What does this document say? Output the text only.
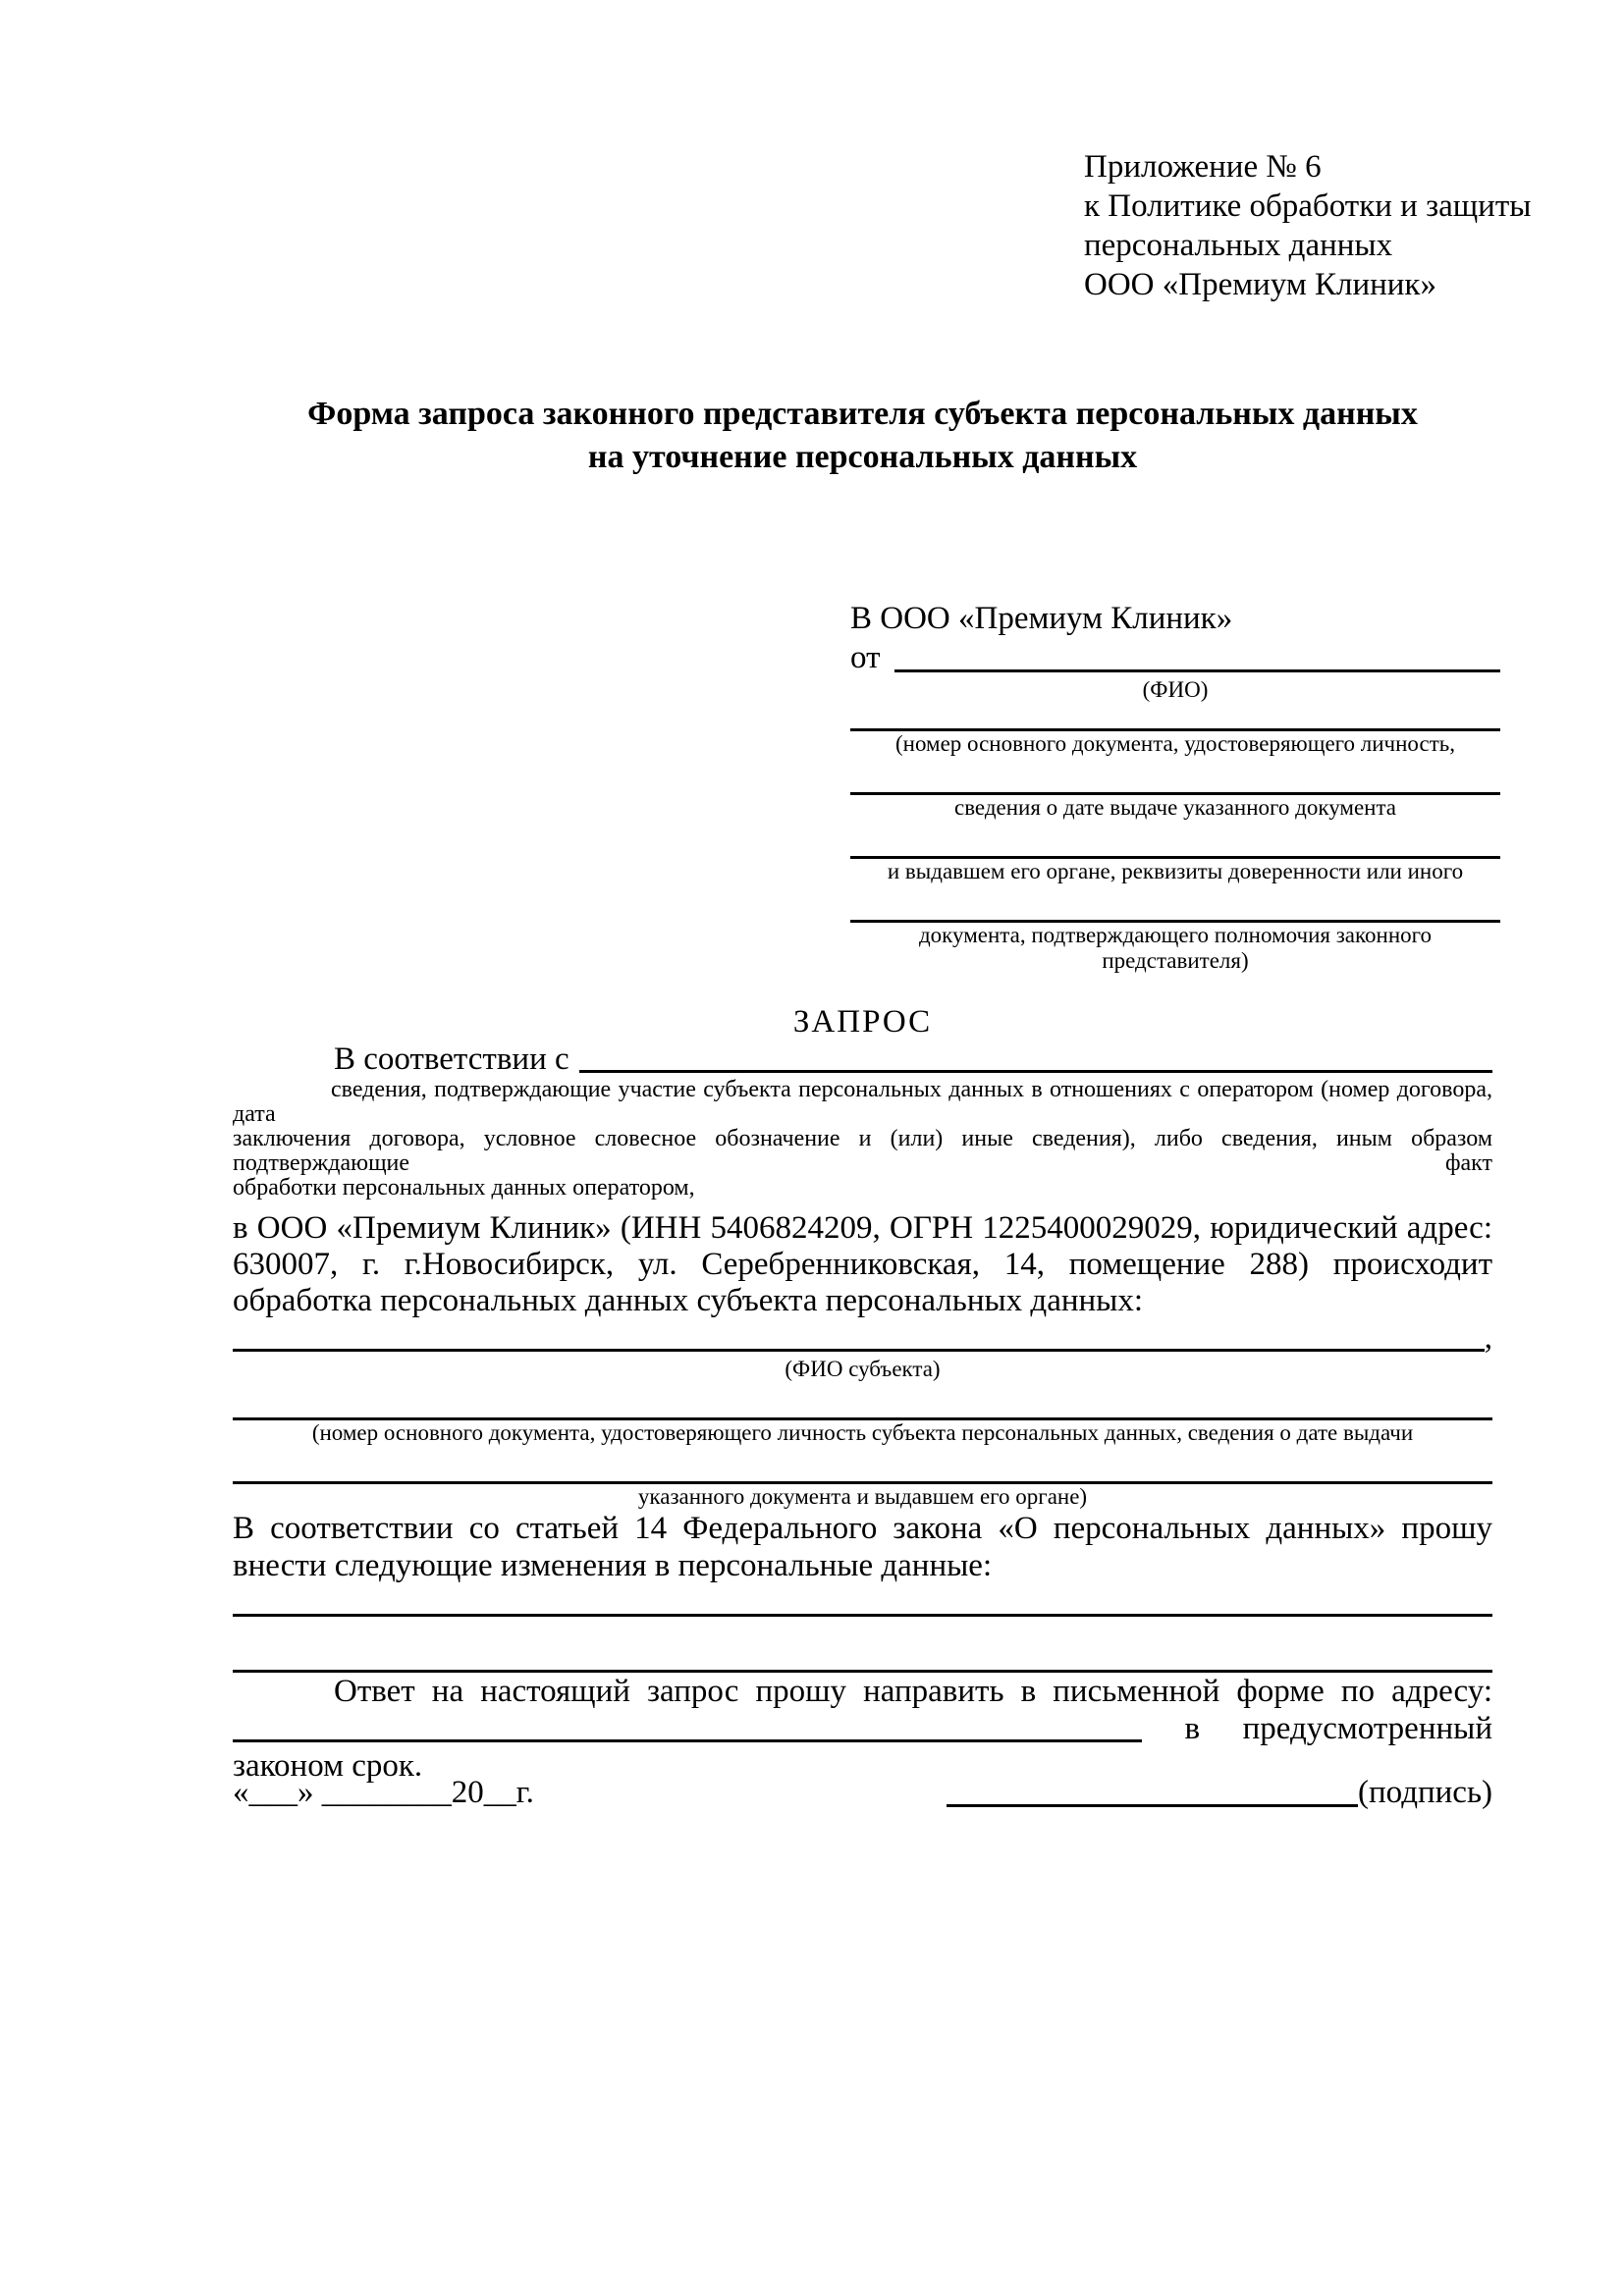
Приложение № 6
к Политике обработки и защиты
персональных данных
ООО «Премиум Клиник»
Форма запроса законного представителя субъекта персональных данных
на уточнение персональных данных
В ООО «Премиум Клиник»
от
(ФИО)
(номер основного документа, удостоверяющего личность,
сведения о дате выдаче указанного документа
и выдавшем его органе, реквизиты доверенности или иного
документа, подтверждающего полномочия законного представителя)
ЗАПРОС
В соответствии с
сведения, подтверждающие участие субъекта персональных данных в отношениях с оператором (номер договора, дата
заключения договора, условное словесное обозначение и (или) иные сведения), либо сведения, иным образом подтверждающие факт
обработки персональных данных оператором,
в ООО «Премиум Клиник» (ИНН 5406824209, ОГРН 1225400029029, юридический адрес:
630007, г. г.Новосибирск, ул. Серебренниковская, 14, помещение 288) происходит
обработка персональных данных субъекта персональных данных:
,
(ФИО субъекта)
(номер основного документа, удостоверяющего личность субъекта персональных данных, сведения о дате выдачи
указанного документа и выдавшем его органе)
В соответствии со статьей 14 Федерального закона «О персональных данных» прошу
внести следующие изменения в персональные данные:
Ответ на настоящий запрос прошу направить в письменной форме по адресу:
в предусмотренный
законом срок.
«___» ________20__г.	(подпись)
